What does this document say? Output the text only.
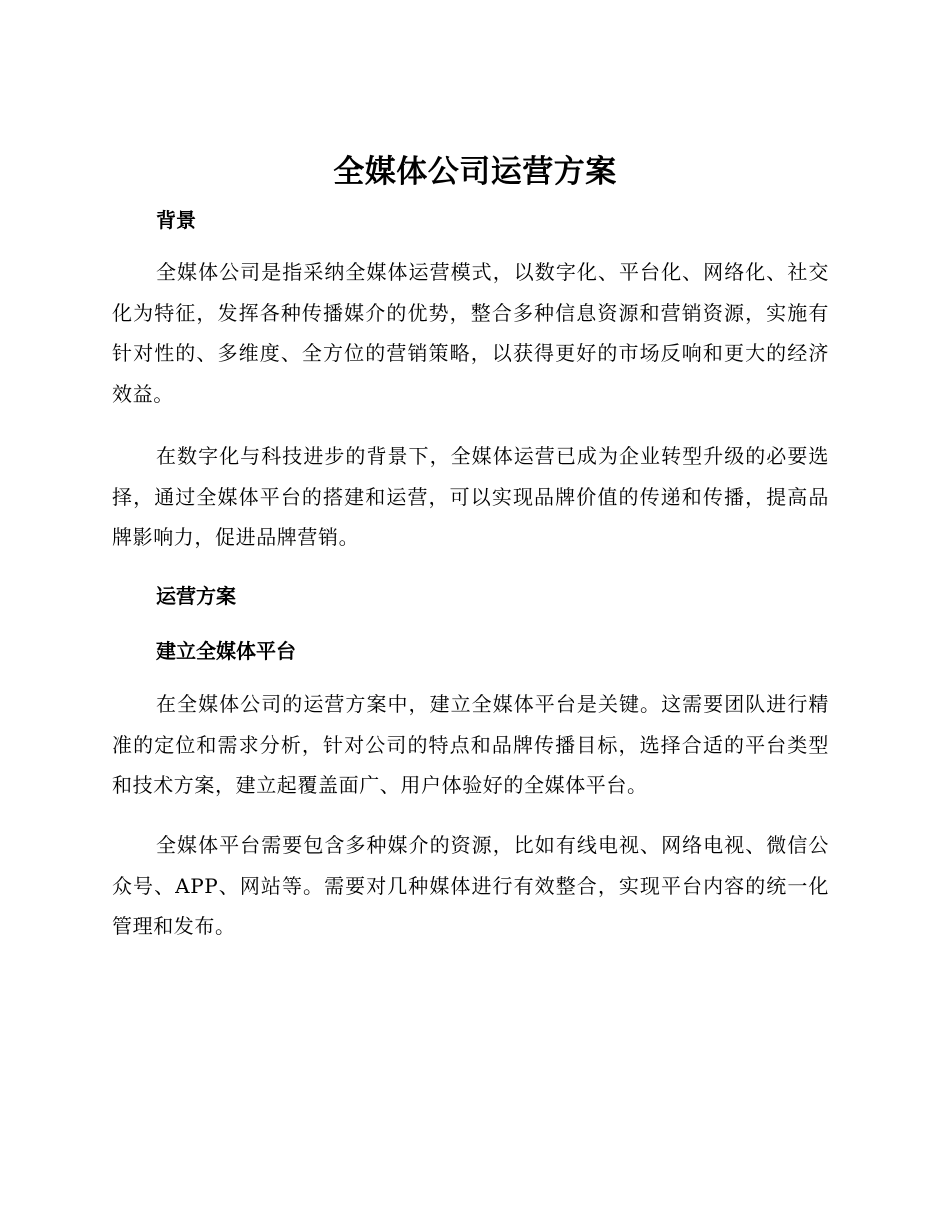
全媒体公司运营方案
背景
全媒体公司是指采纳全媒体运营模式，以数字化、平台化、网络化、社交化为特征，发挥各种传播媒介的优势，整合多种信息资源和营销资源，实施有针对性的、多维度、全方位的营销策略，以获得更好的市场反响和更大的经济效益。
在数字化与科技进步的背景下，全媒体运营已成为企业转型升级的必要选择，通过全媒体平台的搭建和运营，可以实现品牌价值的传递和传播，提高品牌影响力，促进品牌营销。
运营方案
建立全媒体平台
在全媒体公司的运营方案中，建立全媒体平台是关键。这需要团队进行精准的定位和需求分析，针对公司的特点和品牌传播目标，选择合适的平台类型和技术方案，建立起覆盖面广、用户体验好的全媒体平台。
全媒体平台需要包含多种媒介的资源，比如有线电视、网络电视、微信公众号、APP、网站等。需要对几种媒体进行有效整合，实现平台内容的统一化管理和发布。
